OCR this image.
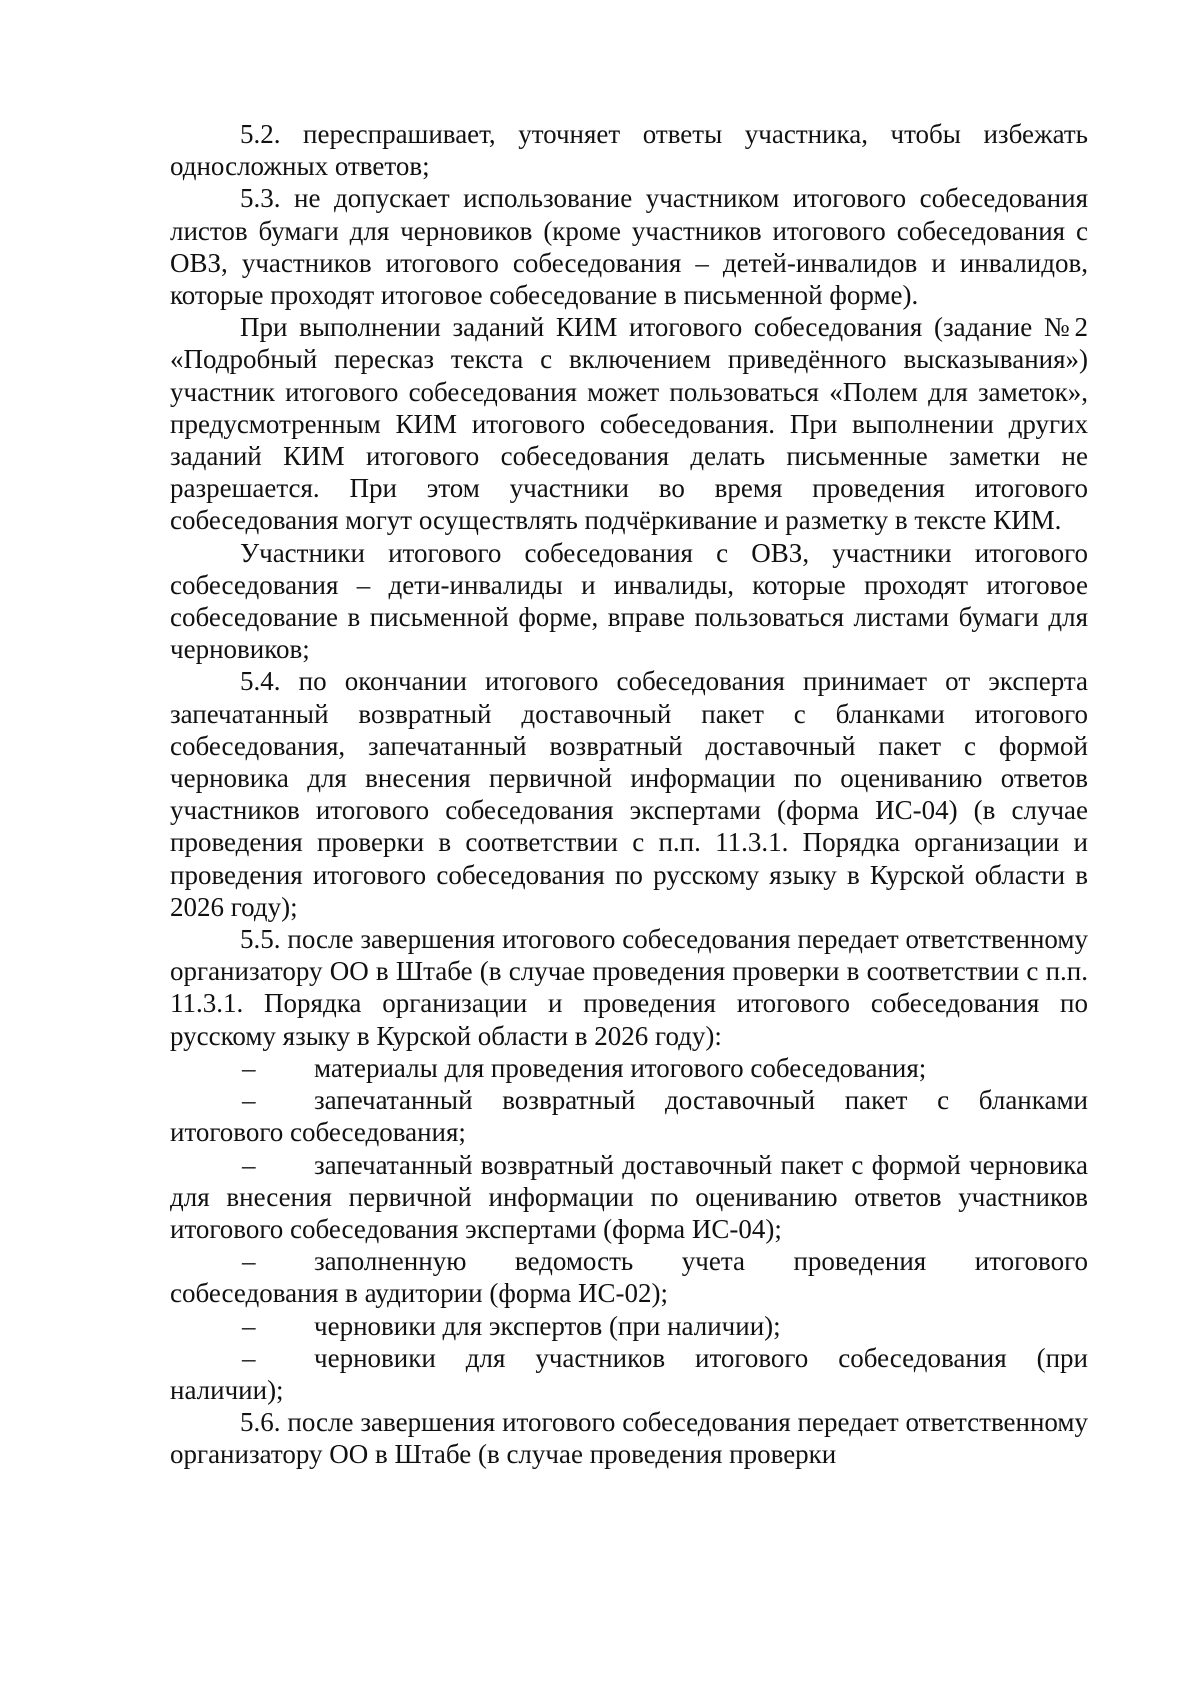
5.2. переспрашивает, уточняет ответы участника, чтобы избежать односложных ответов;

5.3. не допускает использование участником итогового собеседования листов бумаги для черновиков (кроме участников итогового собеседования с ОВЗ, участников итогового собеседования – детей-инвалидов и инвалидов, которые проходят итоговое собеседование в письменной форме).

При выполнении заданий КИМ итогового собеседования (задание №2 «Подробный пересказ текста с включением приведённого высказывания») участник итогового собеседования может пользоваться «Полем для заметок», предусмотренным КИМ итогового собеседования. При выполнении других заданий КИМ итогового собеседования делать письменные заметки не разрешается. При этом участники во время проведения итогового собеседования могут осуществлять подчёркивание и разметку в тексте КИМ.

Участники итогового собеседования с ОВЗ, участники итогового собеседования – дети-инвалиды и инвалиды, которые проходят итоговое собеседование в письменной форме, вправе пользоваться листами бумаги для черновиков;

5.4. по окончании итогового собеседования принимает от эксперта запечатанный возвратный доставочный пакет с бланками итогового собеседования, запечатанный возвратный доставочный пакет с формой черновика для внесения первичной информации по оцениванию ответов участников итогового собеседования экспертами (форма ИС-04) (в случае проведения проверки в соответствии с п.п. 11.3.1. Порядка организации и проведения итогового собеседования по русскому языку в Курской области в 2026 году);

5.5. после завершения итогового собеседования передает ответственному организатору ОО в Штабе (в случае проведения проверки в соответствии с п.п. 11.3.1. Порядка организации и проведения итогового собеседования по русскому языку в Курской области в 2026 году):

– материалы для проведения итогового собеседования;

– запечатанный возвратный доставочный пакет с бланками итогового собеседования;

– запечатанный возвратный доставочный пакет с формой черновика для внесения первичной информации по оцениванию ответов участников итогового собеседования экспертами (форма ИС-04);

– заполненную ведомость учета проведения итогового собеседования в аудитории (форма ИС-02);

– черновики для экспертов (при наличии);

– черновики для участников итогового собеседования (при наличии);

5.6. после завершения итогового собеседования передает ответственному организатору ОО в Штабе (в случае проведения проверки
